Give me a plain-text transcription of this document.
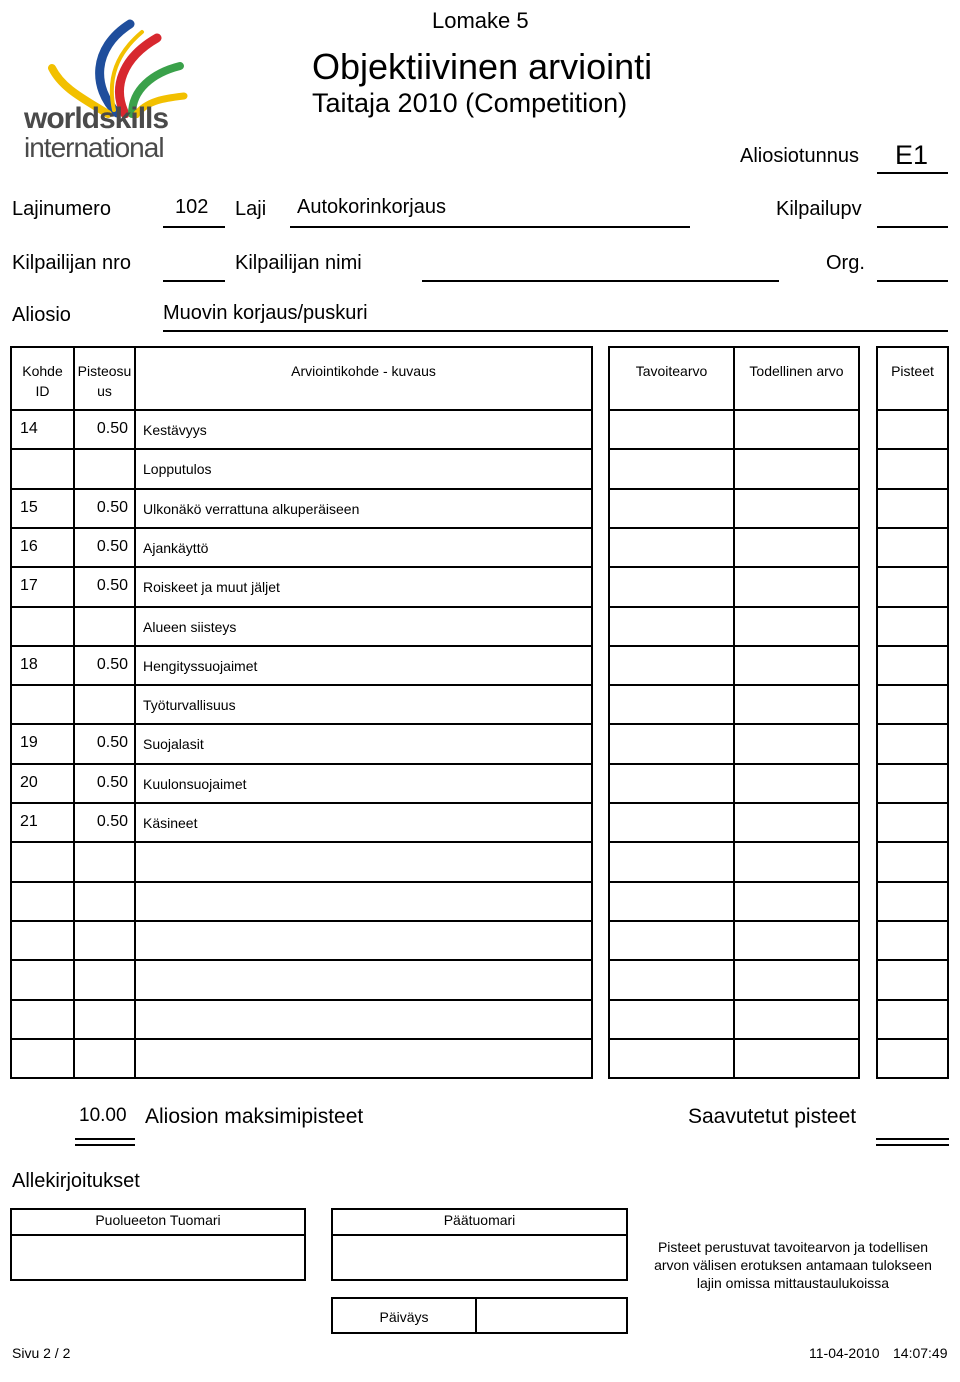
worldskills
international
Lomake 5
Objektiivinen arviointi
Taitaja 2010 (Competition)
Aliosiotunnus E1
Lajinumero	102 Laji Autokorinkorjaus	Kilpailupv
Kilpailijan nro	Kilpailijan nimi	Org.
Aliosio	Muovin korjaus/puskuri
Kohde
ID
Pisteosu
us
Arviointikohde - kuvaus	Tavoitearvo	Todellinen arvo	Pisteet
14	0.50 Kestävyys
Lopputulos
15	0.50 Ulkonäkö verrattuna alkuperäiseen
16	0.50 Ajankäyttö
17	0.50 Roiskeet ja muut jäljet
Alueen siisteys
18	0.50 Hengityssuojaimet
Työturvallisuus
19	0.50 Suojalasit
20	0.50 Kuulonsuojaimet
21	0.50 Käsineet
10.00 Aliosion maksimipisteet	Saavutetut pisteet
Allekirjoitukset
Puolueeton Tuomari	Päätuomari
Päiväys
Pisteet perustuvat tavoitearvon ja todellisen
arvon välisen erotuksen antamaan tulokseen
lajin omissa mittaustaulukoissa
Sivu 2 / 2	11-04-2010 14:07:49
